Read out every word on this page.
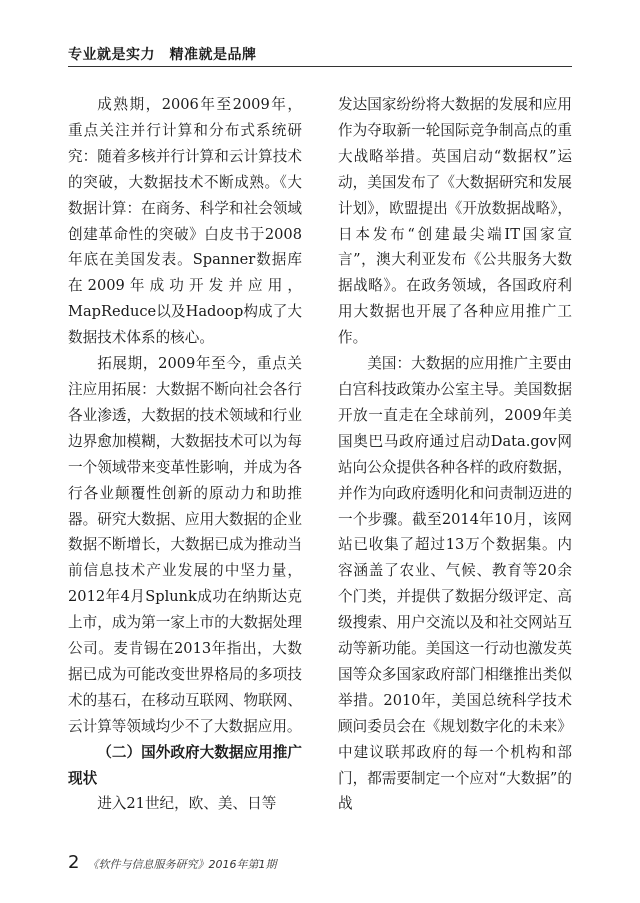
专业就是实力　精准就是品牌

成熟期，2006年至2009年，重点关注并行计算和分布式系统研究：随着多核并行计算和云计算技术的突破，大数据技术不断成熟。《大数据计算：在商务、科学和社会领域创建革命性的突破》白皮书于2008年底在美国发表。Spanner数据库在2009年成功开发并应用，MapReduce以及Hadoop构成了大数据技术体系的核心。

拓展期，2009年至今，重点关注应用拓展：大数据不断向社会各行各业渗透，大数据的技术领域和行业边界愈加模糊，大数据技术可以为每一个领域带来变革性影响，并成为各行各业颠覆性创新的原动力和助推器。研究大数据、应用大数据的企业数据不断增长，大数据已成为推动当前信息技术产业发展的中坚力量，2012年4月Splunk成功在纳斯达克上市，成为第一家上市的大数据处理公司。麦肯锡在2013年指出，大数据已成为可能改变世界格局的多项技术的基石，在移动互联网、物联网、云计算等领域均少不了大数据应用。

（二）国外政府大数据应用推广现状

进入21世纪，欧、美、日等

发达国家纷纷将大数据的发展和应用作为夺取新一轮国际竞争制高点的重大战略举措。英国启动“数据权”运动，美国发布了《大数据研究和发展计划》，欧盟提出《开放数据战略》，日本发布“创建最尖端IT国家宣言”，澳大利亚发布《公共服务大数据战略》。在政务领域，各国政府利用大数据也开展了各种应用推广工作。

美国：大数据的应用推广主要由白宫科技政策办公室主导。美国数据开放一直走在全球前列，2009年美国奥巴马政府通过启动Data.gov网站向公众提供各种各样的政府数据，并作为向政府透明化和问责制迈进的一个步骤。截至2014年10月，该网站已收集了超过13万个数据集。内容涵盖了农业、气候、教育等20余个门类，并提供了数据分级评定、高级搜索、用户交流以及和社交网站互动等新功能。美国这一行动也激发英国等众多国家政府部门相继推出类似举措。2010年，美国总统科学技术顾问委员会在《规划数字化的未来》中建议联邦政府的每一个机构和部门，都需要制定一个应对“大数据”的战

2 《软件与信息服务研究》2016年第1期
